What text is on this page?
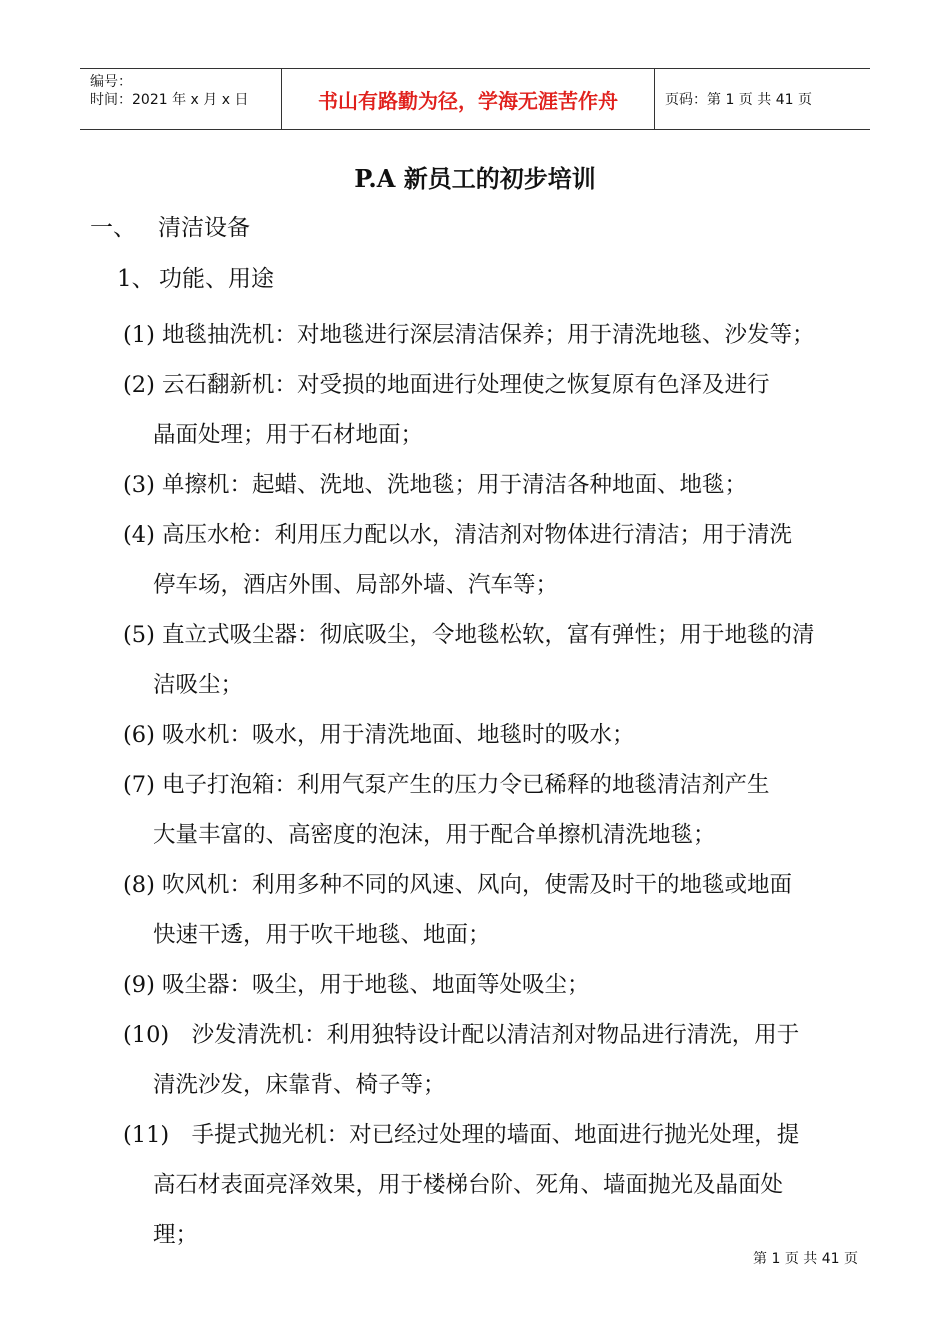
编号：
时间：2021 年 x 月 x 日	书山有路勤为径，学海无涯苦作舟	页码：第 1 页 共 41 页
P.A 新员工的初步培训
一、 清洁设备
1、 功能、用途
(1) 地毯抽洗机：对地毯进行深层清洁保养；用于清洗地毯、沙发等；
(2) 云石翻新机：对受损的地面进行处理使之恢复原有色泽及进行
晶面处理；用于石材地面；
(3) 单擦机：起蜡、洗地、洗地毯；用于清洁各种地面、地毯；
(4) 高压水枪：利用压力配以水，清洁剂对物体进行清洁；用于清洗
停车场，酒店外围、局部外墙、汽车等；
(5) 直立式吸尘器：彻底吸尘，令地毯松软，富有弹性；用于地毯的清
洁吸尘；
(6) 吸水机：吸水，用于清洗地面、地毯时的吸水；
(7) 电子打泡箱：利用气泵产生的压力令已稀释的地毯清洁剂产生
大量丰富的、高密度的泡沫，用于配合单擦机清洗地毯；
(8) 吹风机：利用多种不同的风速、风向，使需及时干的地毯或地面
快速干透，用于吹干地毯、地面；
(9) 吸尘器：吸尘，用于地毯、地面等处吸尘；
(10)　沙发清洗机：利用独特设计配以清洁剂对物品进行清洗，用于
清洗沙发，床靠背、椅子等；
(11)　手提式抛光机：对已经过处理的墙面、地面进行抛光处理，提
高石材表面亮泽效果，用于楼梯台阶、死角、墙面抛光及晶面处
理；
第 1 页 共 41 页
